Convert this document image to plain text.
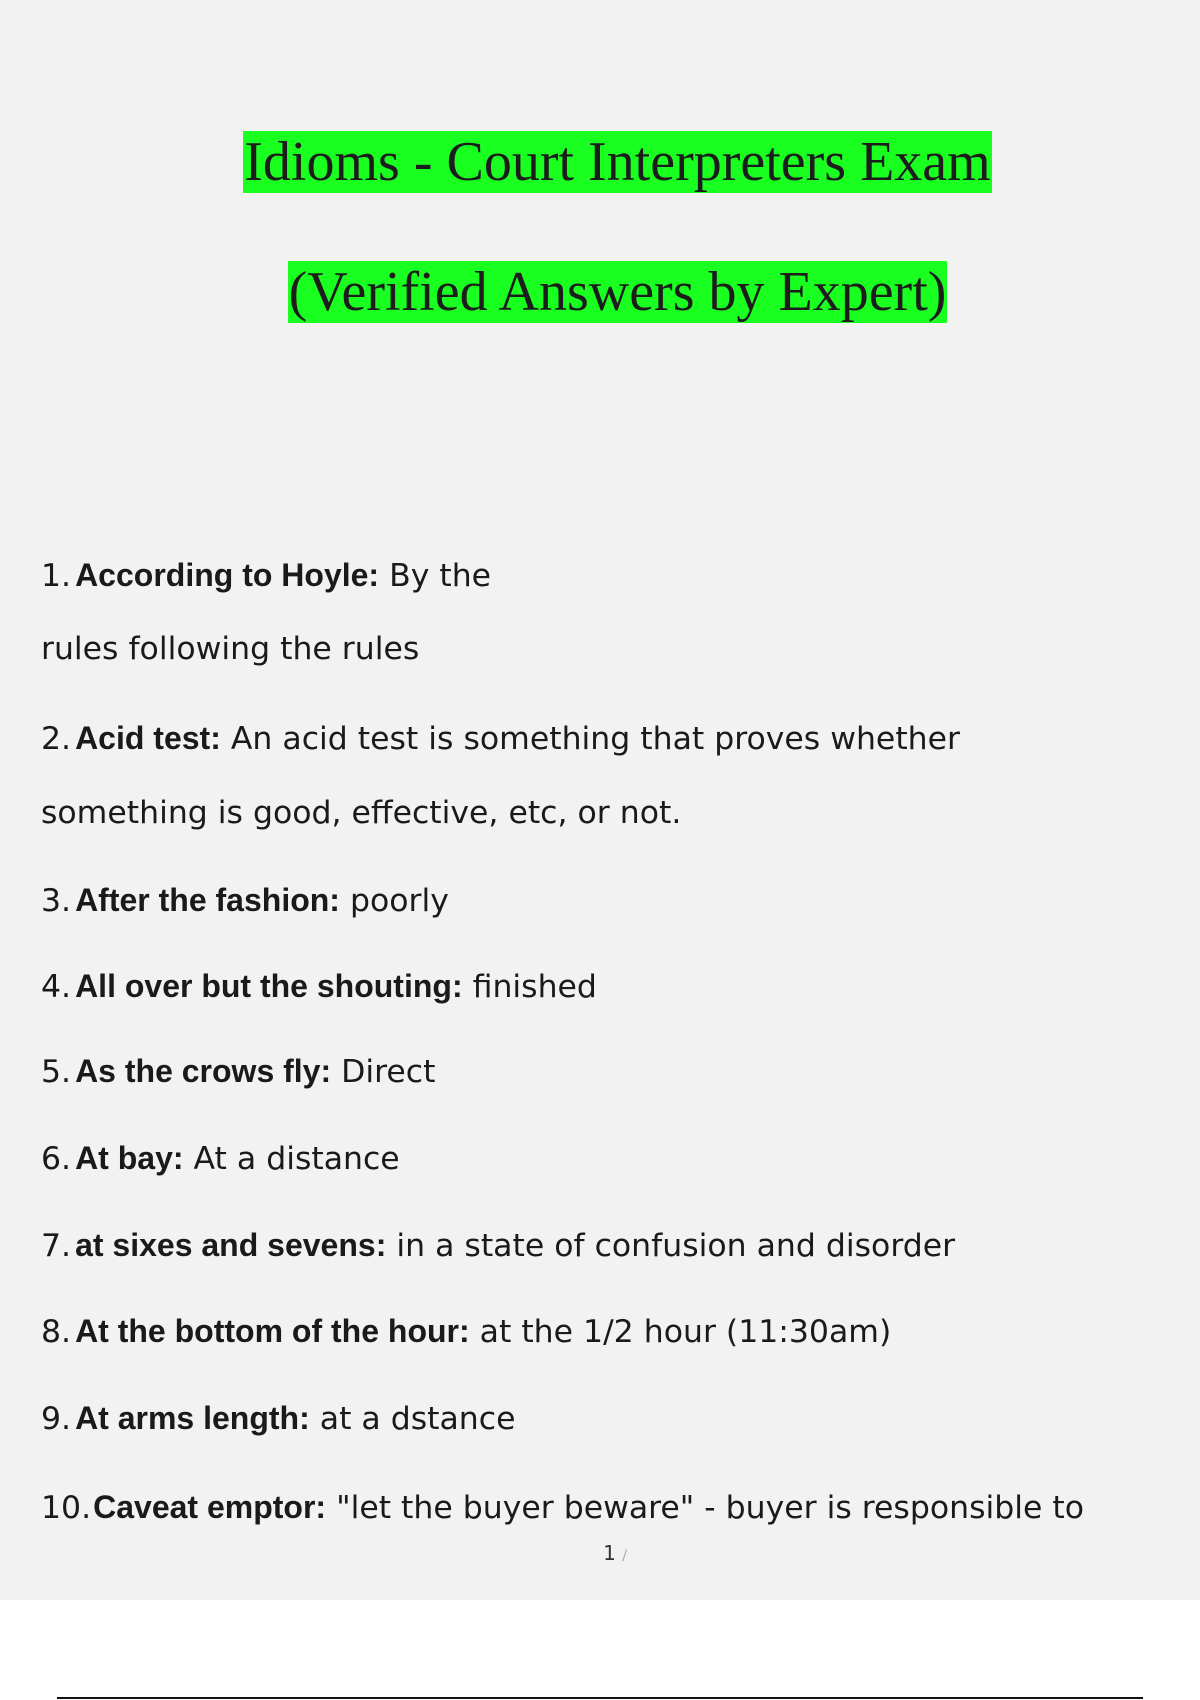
Idioms - Court Interpreters Exam
(Verified Answers by Expert)
1. According to Hoyle: By the
rules following the rules
2. Acid test: An acid test is something that proves whether
something is good, effective, etc, or not.
3. After the fashion: poorly
4. All over but the shouting: finished
5. As the crows fly: Direct
6. At bay: At a distance
7. at sixes and sevens: in a state of confusion and disorder
8. At the bottom of the hour: at the 1/2 hour (11:30am)
9. At arms length: at a dstance
10.Caveat emptor: "let the buyer beware" - buyer is responsible to
1 /
